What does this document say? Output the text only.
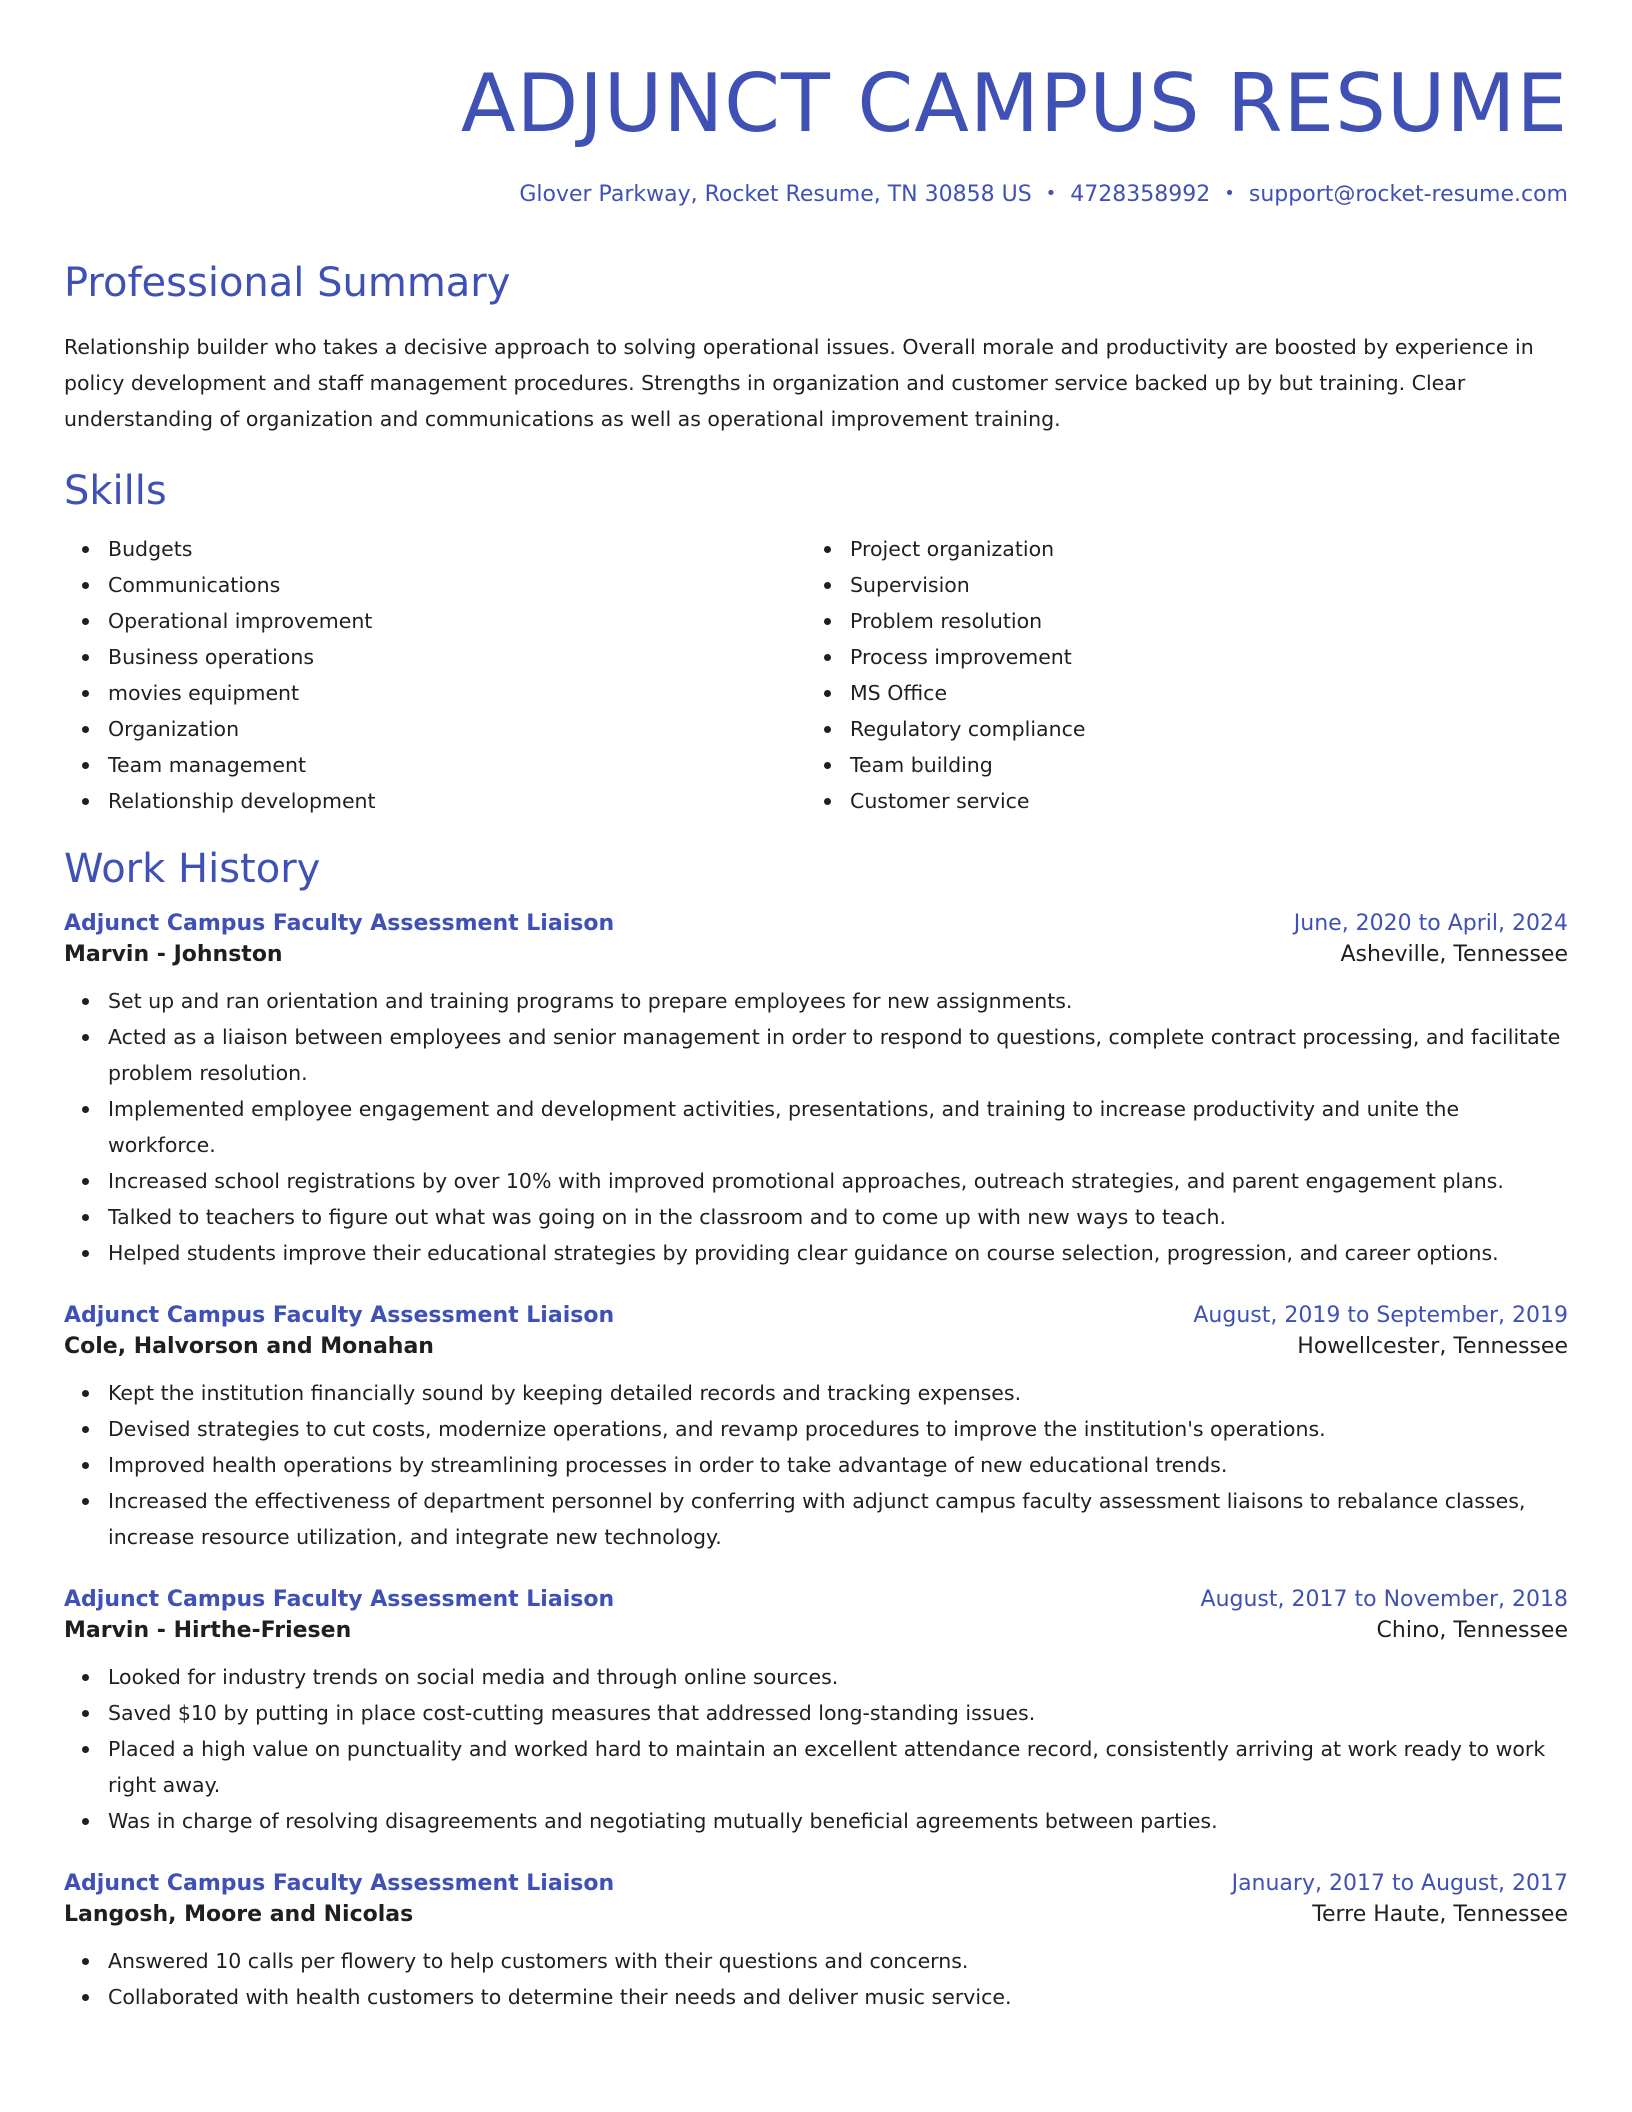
ADJUNCT CAMPUS RESUME
Glover Parkway, Rocket Resume, TN 30858 US • 4728358992 • support@rocket-resume.com
Professional Summary
Relationship builder who takes a decisive approach to solving operational issues. Overall morale and productivity are boosted by experience in policy development and staff management procedures. Strengths in organization and customer service backed up by but training. Clear understanding of organization and communications as well as operational improvement training.
Skills
Budgets
Communications
Operational improvement
Business operations
movies equipment
Organization
Team management
Relationship development
Project organization
Supervision
Problem resolution
Process improvement
MS Office
Regulatory compliance
Team building
Customer service
Work History
Adjunct Campus Faculty Assessment Liaison	June, 2020 to April, 2024
Marvin - Johnston	Asheville, Tennessee
Set up and ran orientation and training programs to prepare employees for new assignments.
Acted as a liaison between employees and senior management in order to respond to questions, complete contract processing, and facilitate problem resolution.
Implemented employee engagement and development activities, presentations, and training to increase productivity and unite the workforce.
Increased school registrations by over 10% with improved promotional approaches, outreach strategies, and parent engagement plans.
Talked to teachers to figure out what was going on in the classroom and to come up with new ways to teach.
Helped students improve their educational strategies by providing clear guidance on course selection, progression, and career options.
Adjunct Campus Faculty Assessment Liaison	August, 2019 to September, 2019
Cole, Halvorson and Monahan	Howellcester, Tennessee
Kept the institution financially sound by keeping detailed records and tracking expenses.
Devised strategies to cut costs, modernize operations, and revamp procedures to improve the institution's operations.
Improved health operations by streamlining processes in order to take advantage of new educational trends.
Increased the effectiveness of department personnel by conferring with adjunct campus faculty assessment liaisons to rebalance classes, increase resource utilization, and integrate new technology.
Adjunct Campus Faculty Assessment Liaison	August, 2017 to November, 2018
Marvin - Hirthe-Friesen	Chino, Tennessee
Looked for industry trends on social media and through online sources.
Saved $10 by putting in place cost-cutting measures that addressed long-standing issues.
Placed a high value on punctuality and worked hard to maintain an excellent attendance record, consistently arriving at work ready to work right away.
Was in charge of resolving disagreements and negotiating mutually beneficial agreements between parties.
Adjunct Campus Faculty Assessment Liaison	January, 2017 to August, 2017
Langosh, Moore and Nicolas	Terre Haute, Tennessee
Answered 10 calls per flowery to help customers with their questions and concerns.
Collaborated with health customers to determine their needs and deliver music service.
